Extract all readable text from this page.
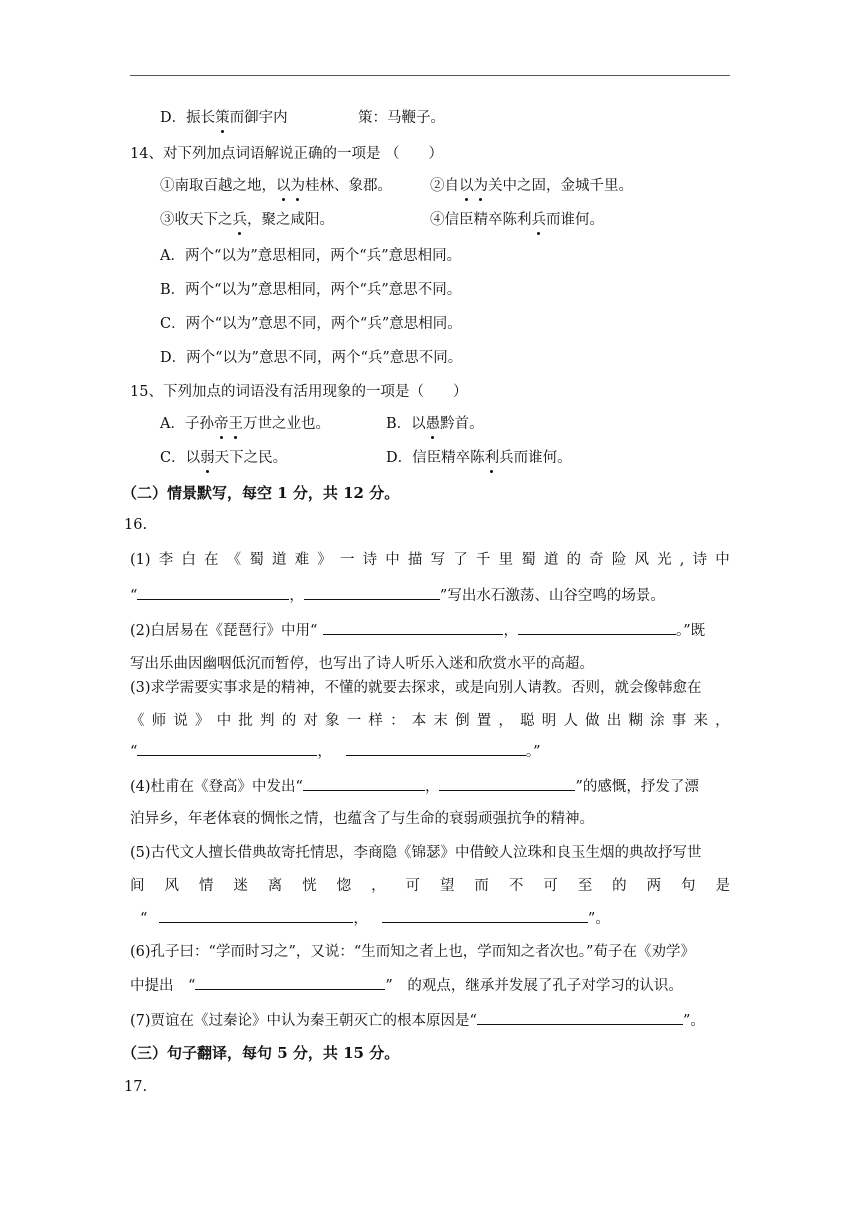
D．振长策而御宇内	策：马鞭子。
14、对下列加点词语解说正确的一项是 （　　）
①南取百越之地，以为桂林、象郡。	②自以为关中之固，金城千里。
③收天下之兵，聚之咸阳。	④信臣精卒陈利兵而谁何。
A．两个“以为”意思相同，两个“兵”意思相同。
B．两个“以为”意思相同，两个“兵”意思不同。
C．两个“以为”意思不同，两个“兵”意思相同。
D．两个“以为”意思不同，两个“兵”意思不同。
15、下列加点的词语没有活用现象的一项是（　　）
A．子孙帝王万世之业也。	B．以愚黔首。
C．以弱天下之民。	D．信臣精卒陈利兵而谁何。
（二）情景默写，每空 1 分，共 12 分。
16.
(1) 李 白 在 《 蜀 道 难 》 一 诗 中 描 写 了 千 里 蜀 道 的 奇 险 风 光 , 诗 中
“	，	”写出水石激荡、山谷空鸣的场景。
(2)白居易在《琵琶行》中用“	，	。”既
写出乐曲因幽咽低沉而暂停，也写出了诗人听乐入迷和欣赏水平的高超。
(3)求学需要实事求是的精神，不懂的就要去探求，或是向别人请教。否则，就会像韩愈在
《 师 说 》 中 批 判 的 对 象 一 样 ： 本 末 倒 置 ， 聪 明 人 做 出 糊 涂 事 来 ，
“	，	。”
(4)杜甫在《登高》中发出“	，	”的感慨，抒发了漂
泊异乡，年老体衰的惆怅之情，也蕴含了与生命的衰弱顽强抗争的精神。
(5)古代文人擅长借典故寄托情思，李商隐《锦瑟》中借鲛人泣珠和良玉生烟的典故抒写世
间 风 情 迷 离 恍 惚 ， 可 望 而 不 可 至 的 两 句 是
“	，	”。
(6)孔子曰：“学而时习之”，又说：“生而知之者上也，学而知之者次也。”荀子在《劝学》
中提出　“	”　的观点，继承并发展了孔子对学习的认识。
(7)贾谊在《过秦论》中认为秦王朝灭亡的根本原因是“	”。
（三）句子翻译，每句 5 分，共 15 分。
17.
